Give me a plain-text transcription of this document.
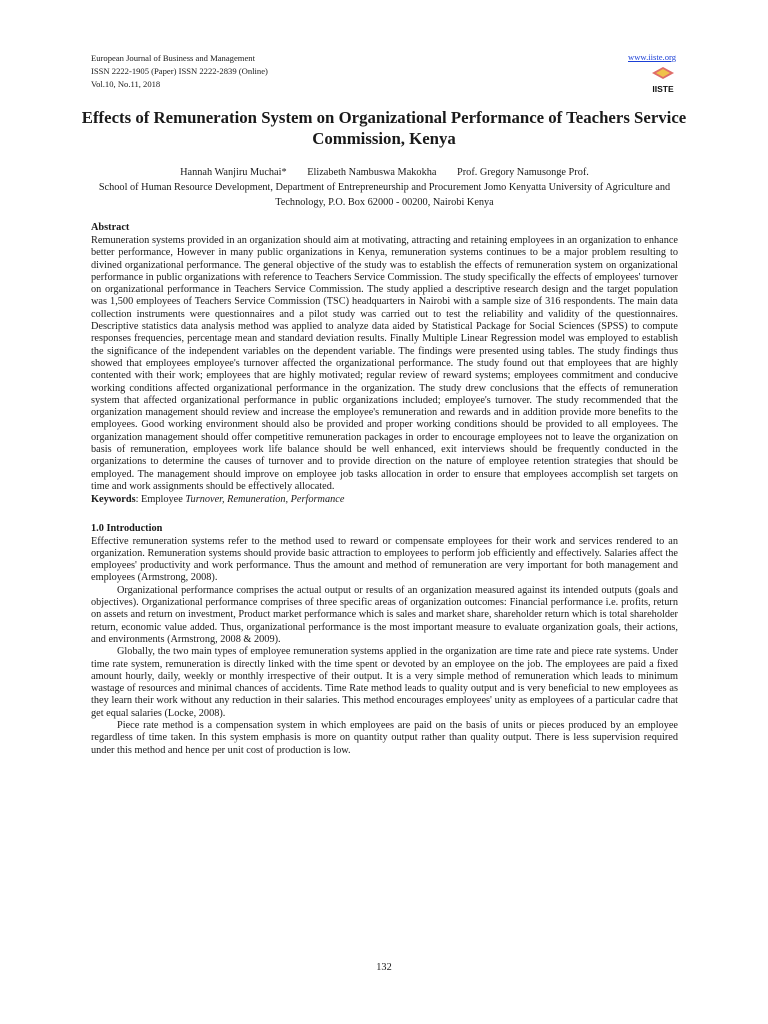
European Journal of Business and Management
ISSN 2222-1905 (Paper) ISSN 2222-2839 (Online)
Vol.10, No.11, 2018
www.iiste.org
IISTE
Effects of Remuneration System on Organizational Performance of Teachers Service Commission, Kenya
Hannah Wanjiru Muchai* Elizabeth Nambuswa Makokha Prof. Gregory Namusonge Prof.
School of Human Resource Development, Department of Entrepreneurship and Procurement Jomo Kenyatta University of Agriculture and Technology, P.O. Box 62000 - 00200, Nairobi Kenya
Abstract

Remuneration systems provided in an organization should aim at motivating, attracting and retaining employees in an organization to enhance better performance, However in many public organizations in Kenya, remuneration systems continues to be a major problem resulting to divined organizational performance. The general objective of the study was to establish the effects of remuneration system on organizational performance in public organizations with reference to Teachers Service Commission. The study specifically the effects of employees' turnover on organizational performance in Teachers Service Commission. The study applied a descriptive research design and the target population was 1,500 employees of Teachers Service Commission (TSC) headquarters in Nairobi with a sample size of 316 respondents. The main data collection instruments were questionnaires and a pilot study was carried out to test the reliability and validity of the questionnaires. Descriptive statistics data analysis method was applied to analyze data aided by Statistical Package for Social Sciences (SPSS) to compute responses frequencies, percentage mean and standard deviation results. Finally Multiple Linear Regression model was employed to establish the significance of the independent variables on the dependent variable. The findings were presented using tables. The study findings thus showed that employees employee's turnover affected the organizational performance. The study found out that employees that are highly contented with their work; employees that are highly motivated; regular review of reward systems; employees commitment and conducive working conditions affected organizational performance in the organization. The study drew conclusions that the effects of remuneration system that affected organizational performance in public organizations included; employee's turnover. The study recommended that the organization management should review and increase the employee's remuneration and rewards and in addition provide more benefits to the employees. Good working environment should also be provided and proper working conditions should be provided to all employees. The organization management should offer competitive remuneration packages in order to encourage employees not to leave the organization on basis of remuneration, employees work life balance should be well enhanced, exit interviews should be frequently conducted in the organizations to determine the causes of turnover and to provide direction on the nature of employee retention strategies that should be employed. The management should improve on employee job tasks allocation in order to ensure that employees accomplish set targets on time and work assignments should be effectively allocated.

Keywords: Employee Turnover, Remuneration, Performance

1.0 Introduction

Effective remuneration systems refer to the method used to reward or compensate employees for their work and services rendered to an organization. Remuneration systems should provide basic attraction to employees to perform job efficiently and effectively. Salaries affect the employees' productivity and work performance. Thus the amount and method of remuneration are very important for both management and employees (Armstrong, 2008).

Organizational performance comprises the actual output or results of an organization measured against its intended outputs (goals and objectives). Organizational performance comprises of three specific areas of organization outcomes: Financial performance i.e. profits, return on assets and return on investment, Product market performance which is sales and market share, shareholder return which is total shareholder return, economic value added. Thus, organizational performance is the most important measure to evaluate organization goals, their actions, and environments (Armstrong, 2008 & 2009).

Globally, the two main types of employee remuneration systems applied in the organization are time rate and piece rate systems. Under time rate system, remuneration is directly linked with the time spent or devoted by an employee on the job. The employees are paid a fixed amount hourly, daily, weekly or monthly irrespective of their output. It is a very simple method of remuneration which leads to minimum wastage of resources and minimal chances of accidents. Time Rate method leads to quality output and is very beneficial to new employees as they learn their work without any reduction in their salaries. This method encourages employees' unity as employees of a particular cadre that get equal salaries (Locke, 2008).

Piece rate method is a compensation system in which employees are paid on the basis of units or pieces produced by an employee regardless of time taken. In this system emphasis is more on quantity output rather than quality output. There is less supervision required under this method and hence per unit cost of production is low.

132
